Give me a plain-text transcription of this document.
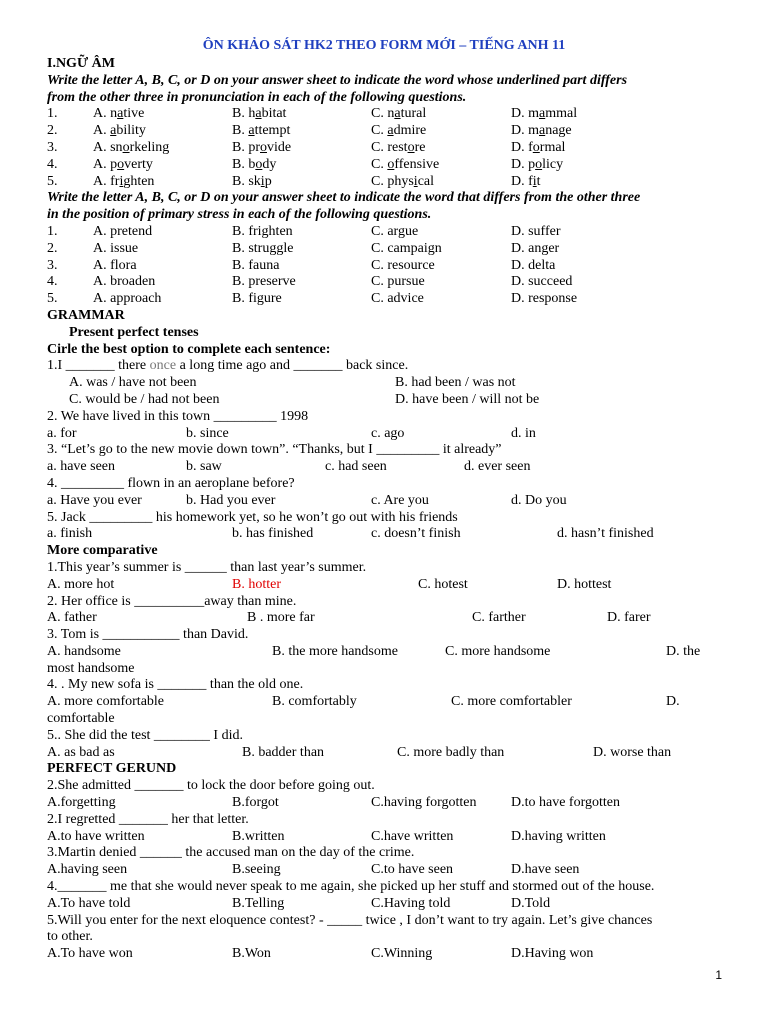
ÔN KHẢO SÁT HK2 THEO FORM MỚI – TIẾNG ANH 11
I.NGỮ ÂM
Write the letter A, B, C, or D on your answer sheet to indicate the word whose underlined part differs
from the other three in pronunciation in each of the following questions.
1.	A. native	B. habitat	C. natural	D. mammal
2.	A. ability	B. attempt	C. admire	D. manage
3.	A. snorkeling	B. provide	C. restore	D. formal
4.	A. poverty	B. body	C. offensive	D. policy
5.	A. frighten	B. skip	C. physical	D. fit
Write the letter A, B, C, or D on your answer sheet to indicate the word that differs from the other three
in the position of primary stress in each of the following questions.
1.	A. pretend	B. frighten	C. argue	D. suffer
2.	A. issue	B. struggle	C. campaign	D. anger
3.	A. flora	B. fauna	C. resource	D. delta
4.	A. broaden	B. preserve	C. pursue	D. succeed
5.	A. approach	B. figure	C. advice	D. response
GRAMMAR
Present perfect tenses
Cirle the best option to complete each sentence:
1.I _______ there once a long time ago and _______ back since.
A. was / have not been	B. had been / was not
C. would be / had not been	D. have been / will not be
2. We have lived in this town _________ 1998
a. for	b. since	c. ago	d. in
3. “Let’s go to the new movie down town”. “Thanks, but I _________ it already”
a. have seen	b. saw	c. had seen	d. ever seen
4. _________ flown in an aeroplane before?
a. Have you ever	b. Had you ever	c. Are you	d. Do you
5. Jack _________ his homework yet, so he won’t go out with his friends
a. finish	b. has finished	c. doesn’t finish	d. hasn’t finished
More comparative
1.This year’s summer is ______ than last year’s summer.
A. more hot	B. hotter	C. hotest	D. hottest
2. Her office is __________away than mine.
A. father	B . more far	C. farther	D. farer
3. Tom is ___________ than David.
A. handsome	B. the more handsome	C. more handsome	D. the
most handsome
4. . My new sofa is _______ than the old one.
A. more comfortable	B. comfortably	C. more comfortabler	D.
comfortable
5.. She did the test ________ I did.
A. as bad as	B. badder than	C. more badly than	D. worse than
PERFECT GERUND
2.She admitted _______ to lock the door before going out.
A.forgetting	B.forgot	C.having forgotten D.to have forgotten
2.I regretted _______ her that letter.
A.to have written	B.written	C.have written	D.having written
3.Martin denied ______ the accused man on the day of the crime.
A.having seen	B.seeing	C.to have seen	D.have seen
4._______ me that she would never speak to me again, she picked up her stuff and stormed out of the house.
A.To have told	B.Telling	C.Having told	D.Told
5.Will you enter for the next eloquence contest? - _____ twice , I don’t want to try again. Let’s give chances
to other.
A.To have won	B.Won	C.Winning	D.Having won
1
